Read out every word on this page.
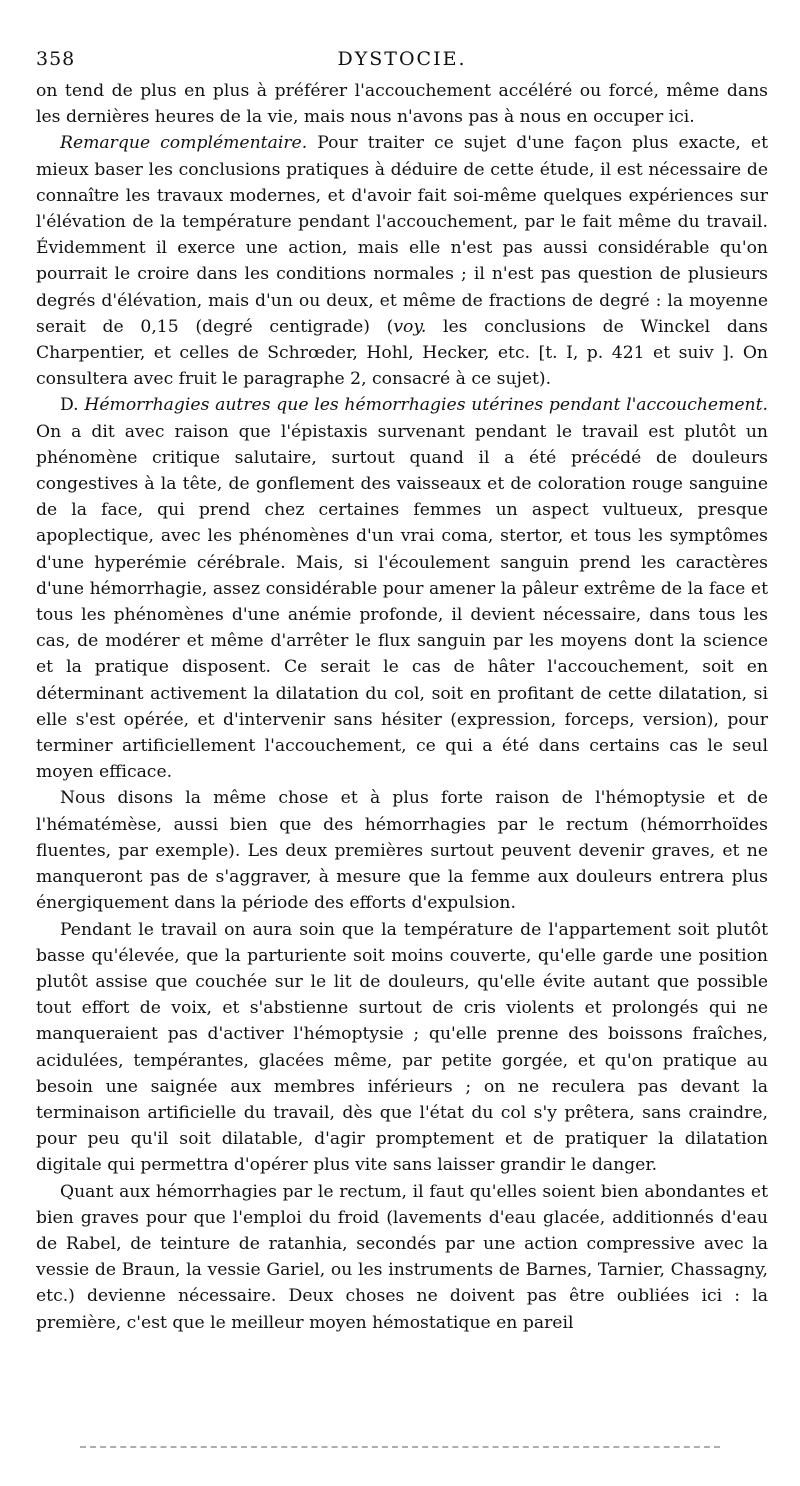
358	DYSTOCIE.

on tend de plus en plus à préférer l'accouchement accéléré ou forcé, même dans les dernières heures de la vie, mais nous n'avons pas à nous en occuper ici.

Remarque complémentaire. Pour traiter ce sujet d'une façon plus exacte, et mieux baser les conclusions pratiques à déduire de cette étude, il est nécessaire de connaître les travaux modernes, et d'avoir fait soi-même quelques expériences sur l'élévation de la température pendant l'accouchement, par le fait même du travail. Évidemment il exerce une action, mais elle n'est pas aussi considérable qu'on pourrait le croire dans les conditions normales ; il n'est pas question de plusieurs degrés d'élévation, mais d'un ou deux, et même de fractions de degré : la moyenne serait de 0,15 (degré centigrade) (voy. les conclusions de Winckel dans Charpentier, et celles de Schrœder, Hohl, Hecker, etc. [t. I, p. 421 et suiv ]. On consultera avec fruit le paragraphe 2, consacré à ce sujet).

D. Hémorrhagies autres que les hémorrhagies utérines pendant l'accouchement. On a dit avec raison que l'épistaxis survenant pendant le travail est plutôt un phénomène critique salutaire, surtout quand il a été précédé de douleurs congestives à la tête, de gonflement des vaisseaux et de coloration rouge sanguine de la face, qui prend chez certaines femmes un aspect vultueux, presque apoplectique, avec les phénomènes d'un vrai coma, stertor, et tous les symptômes d'une hyperémie cérébrale. Mais, si l'écoulement sanguin prend les caractères d'une hémorrhagie, assez considérable pour amener la pâleur extrême de la face et tous les phénomènes d'une anémie profonde, il devient nécessaire, dans tous les cas, de modérer et même d'arrêter le flux sanguin par les moyens dont la science et la pratique disposent. Ce serait le cas de hâter l'accouchement, soit en déterminant activement la dilatation du col, soit en profitant de cette dilatation, si elle s'est opérée, et d'intervenir sans hésiter (expression, forceps, version), pour terminer artificiellement l'accouchement, ce qui a été dans certains cas le seul moyen efficace.

Nous disons la même chose et à plus forte raison de l'hémoptysie et de l'hématémèse, aussi bien que des hémorrhagies par le rectum (hémorrhoïdes fluentes, par exemple). Les deux premières surtout peuvent devenir graves, et ne manqueront pas de s'aggraver, à mesure que la femme aux douleurs entrera plus énergiquement dans la période des efforts d'expulsion.

Pendant le travail on aura soin que la température de l'appartement soit plutôt basse qu'élevée, que la parturiente soit moins couverte, qu'elle garde une position plutôt assise que couchée sur le lit de douleurs, qu'elle évite autant que possible tout effort de voix, et s'abstienne surtout de cris violents et prolongés qui ne manqueraient pas d'activer l'hémoptysie ; qu'elle prenne des boissons fraîches, acidulées, tempérantes, glacées même, par petite gorgée, et qu'on pratique au besoin une saignée aux membres inférieurs ; on ne reculera pas devant la terminaison artificielle du travail, dès que l'état du col s'y prêtera, sans craindre, pour peu qu'il soit dilatable, d'agir promptement et de pratiquer la dilatation digitale qui permettra d'opérer plus vite sans laisser grandir le danger.

Quant aux hémorrhagies par le rectum, il faut qu'elles soient bien abondantes et bien graves pour que l'emploi du froid (lavements d'eau glacée, additionnés d'eau de Rabel, de teinture de ratanhia, secondés par une action compressive avec la vessie de Braun, la vessie Gariel, ou les instruments de Barnes, Tarnier, Chassagny, etc.) devienne nécessaire. Deux choses ne doivent pas être oubliées ici : la première, c'est que le meilleur moyen hémostatique en pareil
